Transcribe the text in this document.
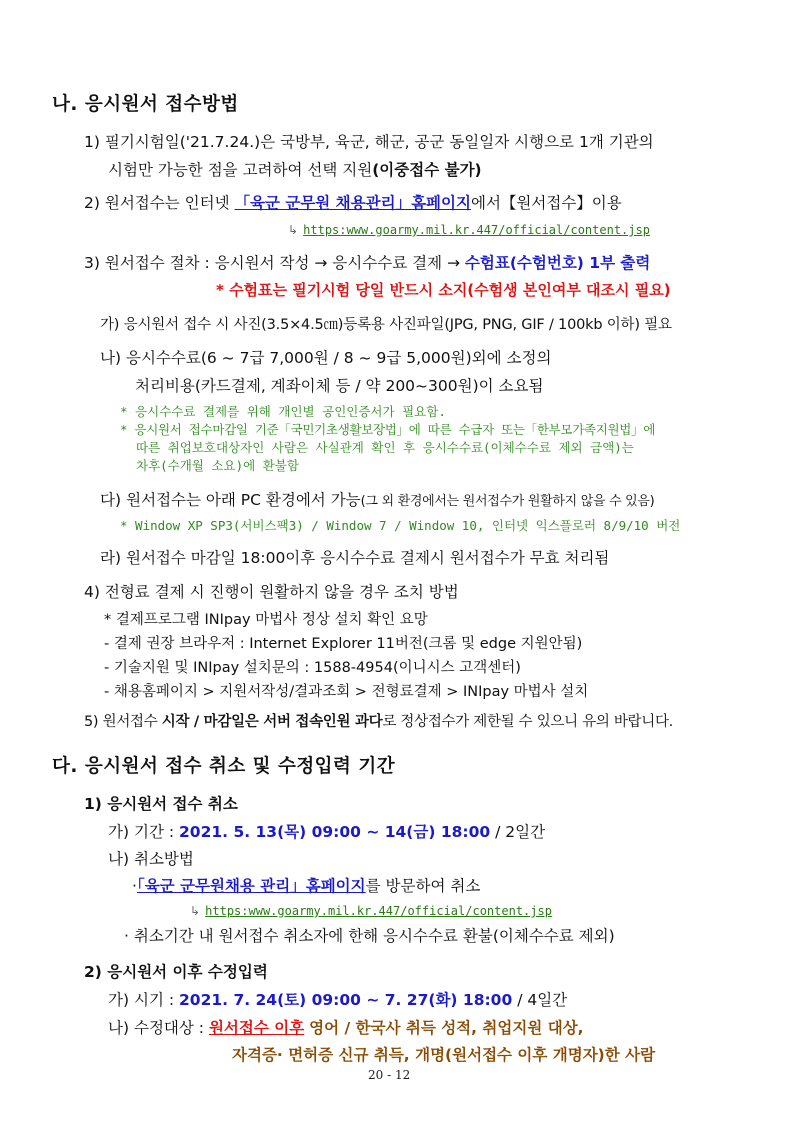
나. 응시원서 접수방법
1) 필기시험일('21.7.24.)은 국방부, 육군, 해군, 공군 동일일자 시행으로 1개 기관의
시험만 가능한 점을 고려하여 선택 지원(이중접수 불가)
2) 원서접수는 인터넷 「육군 군무원 채용관리」홈페이지에서【원서접수】이용
↳ https:www.goarmy.mil.kr.447/official/content.jsp
3) 원서접수 절차 : 응시원서 작성 → 응시수수료 결제 → 수험표(수험번호) 1부 출력
* 수험표는 필기시험 당일 반드시 소지(수험생 본인여부 대조시 필요)
가) 응시원서 접수 시 사진(3.5×4.5㎝)등록용 사진파일(JPG, PNG, GIF / 100kb 이하) 필요
나) 응시수수료(6 ~ 7급 7,000원 / 8 ~ 9급 5,000원)외에 소정의
처리비용(카드결제, 계좌이체 등 / 약 200~300원)이 소요됨
* 응시수수료 결제를 위해 개인별 공인인증서가 필요함.
* 응시원서 접수마감일 기준「국민기초생활보장법」에 따른 수급자 또는「한부모가족지원법」에
따른 취업보호대상자인 사람은 사실관계 확인 후 응시수수료(이체수수료 제외 금액)는
차후(수개월 소요)에 환불함
다) 원서접수는 아래 PC 환경에서 가능(그 외 환경에서는 원서접수가 원활하지 않을 수 있음)
* Window XP SP3(서비스팩3) / Window 7 / Window 10, 인터넷 익스플로러 8/9/10 버전
라) 원서접수 마감일 18:00이후 응시수수료 결제시 원서접수가 무효 처리됨
4) 전형료 결제 시 진행이 원활하지 않을 경우 조치 방법
* 결제프로그램 INIpay 마법사 정상 설치 확인 요망
- 결제 권장 브라우저 : Internet Explorer 11버전(크롬 및 edge 지원안됨)
- 기술지원 및 INIpay 설치문의 : 1588-4954(이니시스 고객센터)
- 채용홈페이지 > 지원서작성/결과조회 > 전형료결제 > INIpay 마법사 설치
5) 원서접수 시작 / 마감일은 서버 접속인원 과다로 정상접수가 제한될 수 있으니 유의 바랍니다.
다. 응시원서 접수 취소 및 수정입력 기간
1) 응시원서 접수 취소
가) 기간 : 2021. 5. 13(목) 09:00 ~ 14(금) 18:00 / 2일간
나) 취소방법
·「육군 군무원채용 관리」홈페이지를 방문하여 취소
↳ https:www.goarmy.mil.kr.447/official/content.jsp
· 취소기간 내 원서접수 취소자에 한해 응시수수료 환불(이체수수료 제외)
2) 응시원서 이후 수정입력
가) 시기 : 2021. 7. 24(토) 09:00 ~ 7. 27(화) 18:00 / 4일간
나) 수정대상 : 원서접수 이후 영어 / 한국사 취득 성적, 취업지원 대상,
자격증· 면허증 신규 취득, 개명(원서접수 이후 개명자)한 사람
20 - 12
